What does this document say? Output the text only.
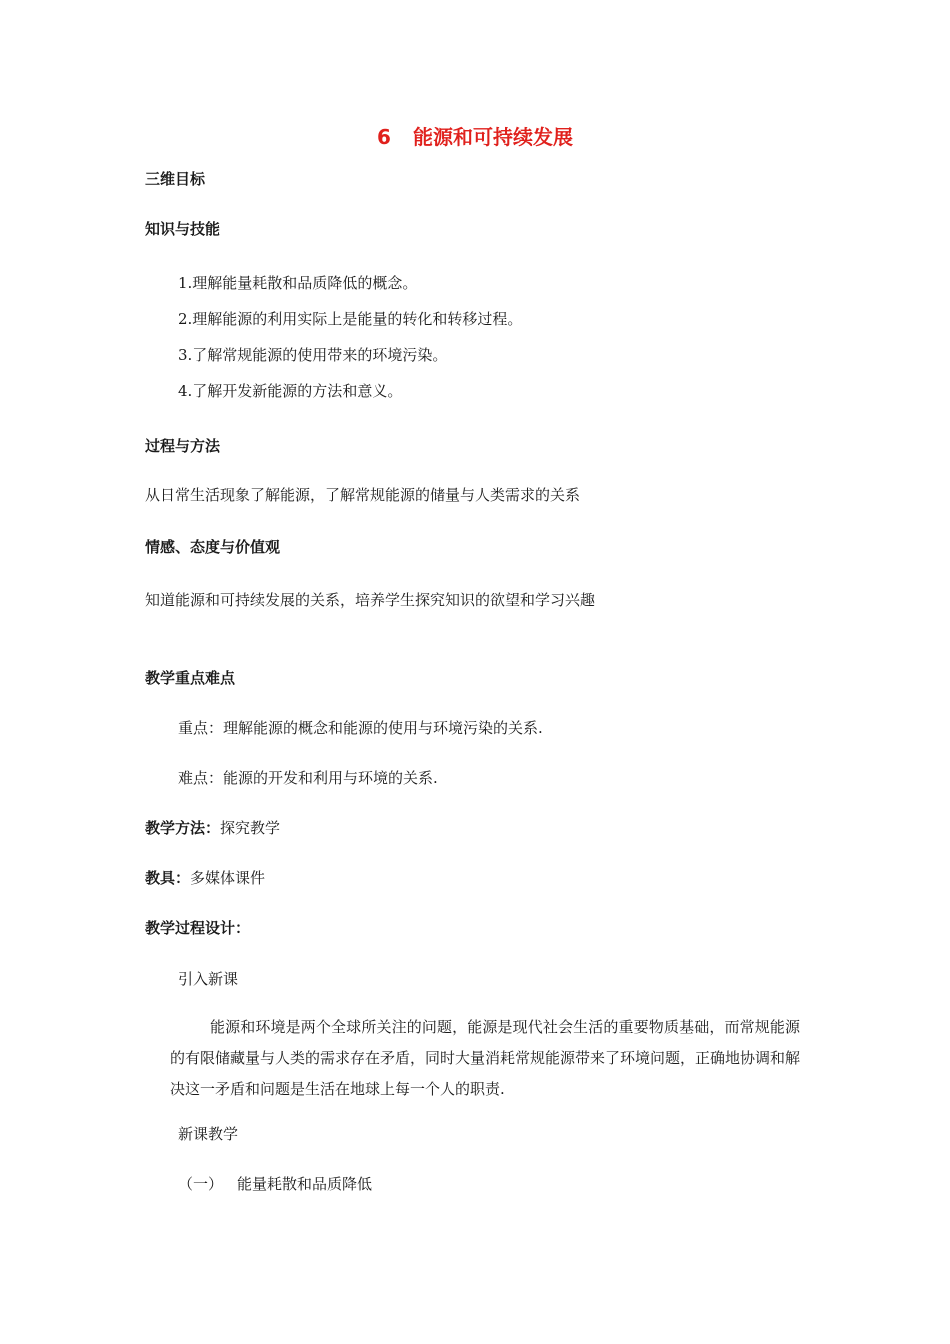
6 能源和可持续发展
三维目标
知识与技能
1.理解能量耗散和品质降低的概念。
2.理解能源的利用实际上是能量的转化和转移过程。
3.了解常规能源的使用带来的环境污染。
4.了解开发新能源的方法和意义。
过程与方法
从日常生活现象了解能源，了解常规能源的储量与人类需求的关系
情感、态度与价值观
知道能源和可持续发展的关系，培养学生探究知识的欲望和学习兴趣
教学重点难点
重点：理解能源的概念和能源的使用与环境污染的关系.
难点：能源的开发和利用与环境的关系.
教学方法：探究教学
教具：多媒体课件
教学过程设计：
引入新课
能源和环境是两个全球所关注的问题，能源是现代社会生活的重要物质基础，而常规能源的有限储藏量与人类的需求存在矛盾，同时大量消耗常规能源带来了环境问题，正确地协调和解决这一矛盾和问题是生活在地球上每一个人的职责.
新课教学
（一） 能量耗散和品质降低
